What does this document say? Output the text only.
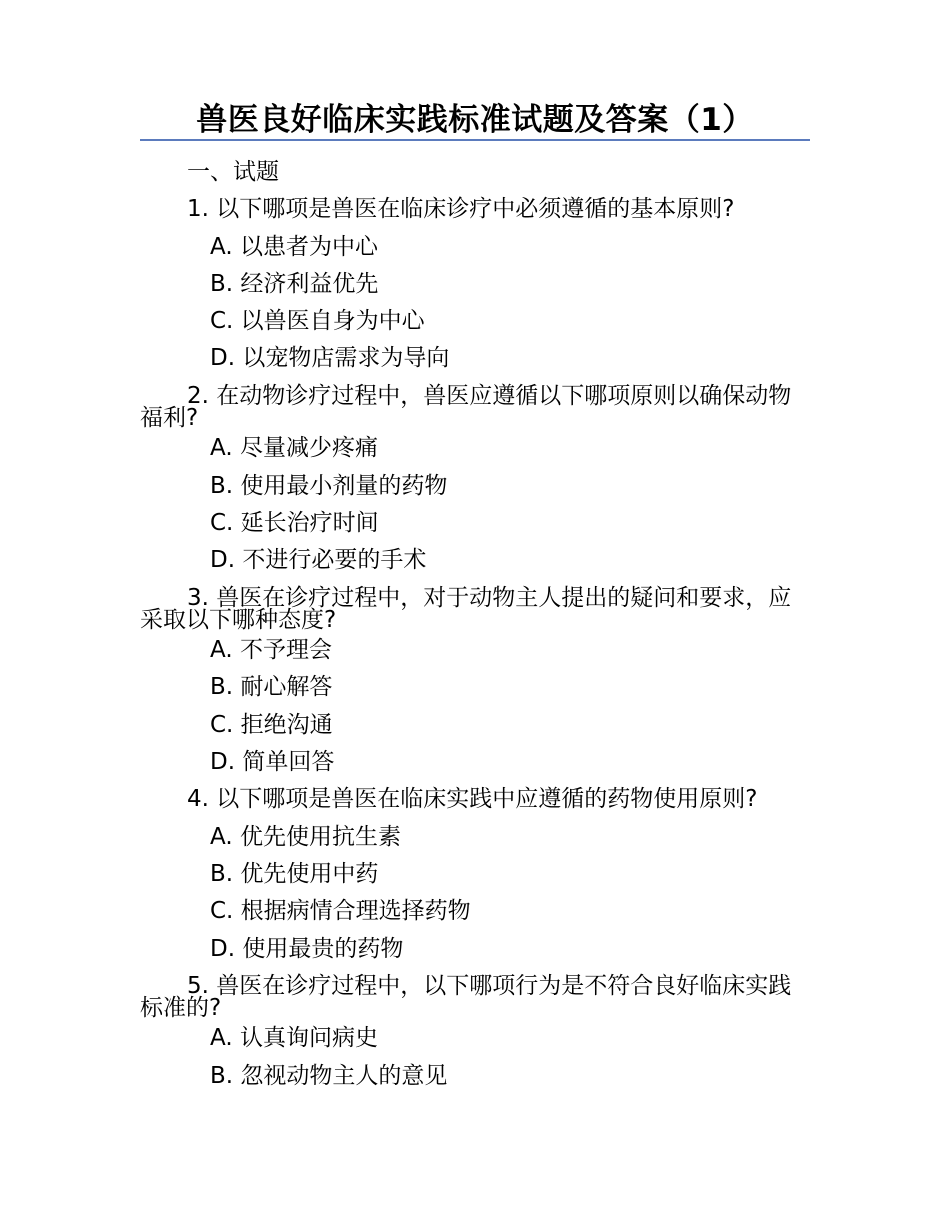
兽医良好临床实践标准试题及答案（1）
一、试题
1. 以下哪项是兽医在临床诊疗中必须遵循的基本原则?
A. 以患者为中心
B. 经济利益优先
C. 以兽医自身为中心
D. 以宠物店需求为导向
2. 在动物诊疗过程中，兽医应遵循以下哪项原则以确保动物福利?
A. 尽量减少疼痛
B. 使用最小剂量的药物
C. 延长治疗时间
D. 不进行必要的手术
3. 兽医在诊疗过程中，对于动物主人提出的疑问和要求，应采取以下哪种态度?
A. 不予理会
B. 耐心解答
C. 拒绝沟通
D. 简单回答
4. 以下哪项是兽医在临床实践中应遵循的药物使用原则?
A. 优先使用抗生素
B. 优先使用中药
C. 根据病情合理选择药物
D. 使用最贵的药物
5. 兽医在诊疗过程中，以下哪项行为是不符合良好临床实践标准的?
A. 认真询问病史
B. 忽视动物主人的意见
